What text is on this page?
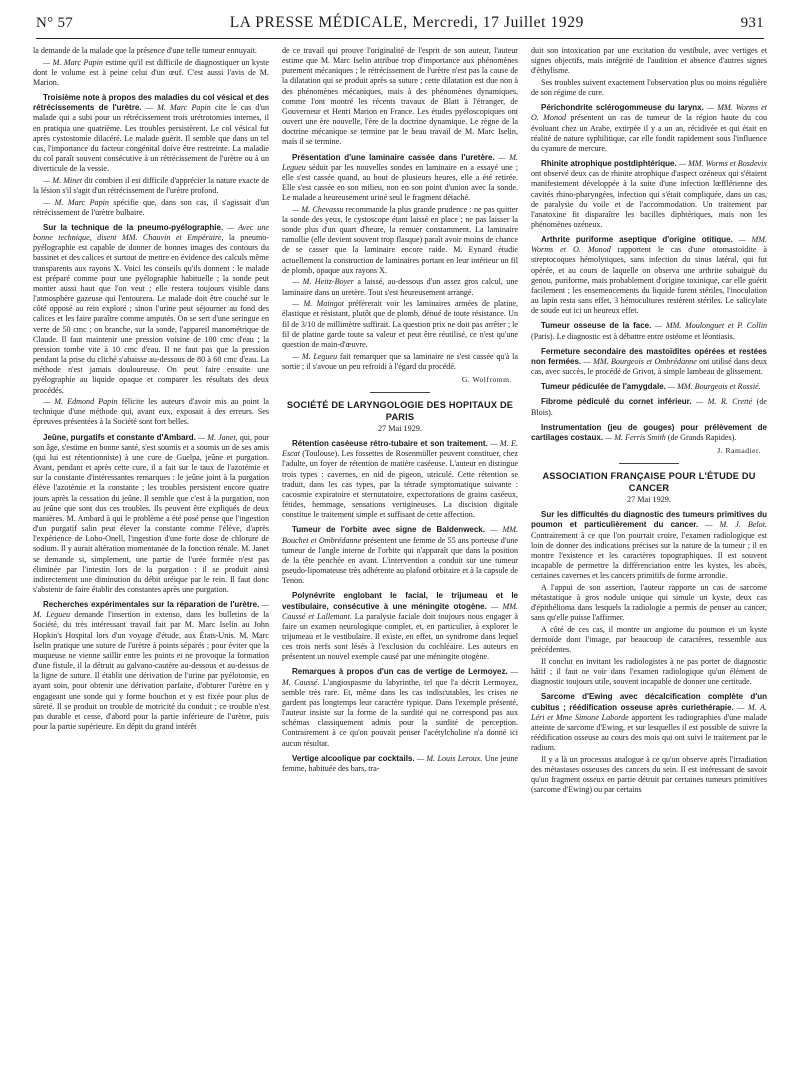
N° 57	LA PRESSE MÉDICALE, Mercredi, 17 Juillet 1929	931

la demande de la malade que la présence d'une telle tumeur ennuyait.

— M. Marc Papin estime qu'il est difficile de diagnostiquer un kyste dont le volume est à peine celui d'un œuf. C'est aussi l'avis de M. Marion.

Troisième note à propos des maladies du col vésical et des rétrécissements de l'urètre. — M. Marc Papin cite le cas d'un malade qui a subi pour un rétrécissement trois urétrotomies internes, il en pratiqua une quatrième. Les troubles persistèrent. Le col vésical fut après cystostomie dilacéré. Le malade guérit. Il semble que dans un tel cas, l'importance du facteur congénital doive être restreinte. La maladie du col paraît souvent consécutive à un rétrécissement de l'urètre ou à un diverticule de la vessie.

— M. Minet dit combien il est difficile d'apprécier la nature exacte de la lésion s'il s'agit d'un rétrécissement de l'urètre profond.

— M. Marc Papin spécifie que, dans son cas, il s'agissait d'un rétrécissement de l'urètre bulbaire.

Sur la technique de la pneumo-pyélographie. — Avec une bonne technique, disent MM. Chauvin et Empéraire, la pneumo-pyélographie est capable de donner de bonnes images des contours du bassinet et des calices et surtout de mettre en évidence des calculs même transparents aux rayons X. Voici les conseils qu'ils donnent : le malade est préparé comme pour une pyélographie habituelle ; la sonde peut monter aussi haut que l'on veut ; elle restera toujours visible dans l'atmosphère gazeuse qui l'entourera. Le malade doit être couché sur le côté opposé au rein exploré ; sinon l'urine peut séjourner au fond des calices et les faire paraître comme amputés. On se sert d'une seringue en verre de 50 cmc ; on branche, sur la sonde, l'appareil manométrique de Claude. Il faut maintenir une pression voisine de 100 cmc d'eau ; la pression tombe vite à 10 cmc d'eau. Il ne faut pas que la pression pendant la prise du cliché s'abaisse au-dessous de 80 à 60 cmc d'eau. La méthode n'est jamais douloureuse. On peut faire ensuite une pyélographie au liquide opaque et comparer les résultats des deux procédés.

— M. Edmond Papin félicite les auteurs d'avoir mis au point la technique d'une méthode qui, avant eux, exposait à des erreurs. Ses épreuves présentées à la Société sont fort belles.

Jeûne, purgatifs et constante d'Ambard. — M. Janet, qui, pour son âge, s'estime en bonne santé, s'est soumis et a soumis un de ses amis (qui lui est rétentionniste) à une cure de Guelpa, jeûne et purgation. Avant, pendant et après cette cure, il a fait sur le taux de l'azotémie et sur la constante d'intéressantes remarques : le jeûne joint à la purgation élève l'azotémie et la constante ; les troubles persistent encore quatre jours après la cessation du jeûne. Il semble que c'est à la purgation, non au jeûne que sont dus ces troubles. Ils peuvent être expliqués de deux manières. M. Ambard à qui le problème a été posé pense que l'ingestion d'un purgatif salin peut élever la constante comme l'élève, d'après l'expérience de Lobo-Onell, l'ingestion d'une forte dose de chlorure de sodium. Il y aurait altération momentanée de la fonction rénale. M. Janet se demande si, simplement, une partie de l'urée formée n'est pas éliminée par l'intestin lors de la purgation : il se produit ainsi indirectement une diminution du débit uréique par le rein. Il faut donc s'abstenir de faire établir des constantes après une purgation.

Recherches expérimentales sur la réparation de l'urètre. — M. Legueu demande l'insertion in extenso, dans les bulletins de la Société, du très intéressant travail fait par M. Marc Iselin au John Hopkin's Hospital lors d'un voyage d'étude, aux États-Unis. M. Marc Iselin pratique une suture de l'urètre à points séparés ; pour éviter que la muqueuse ne vienne saillir entre les points et ne provoque la formation d'une fistule, il la détruit au galvano-cautère au-dessous et au-dessus de la ligne de suture. Il établit une dérivation de l'urine par pyélotomie, en ayant soin, pour obtenir une dérivation parfaite, d'obturer l'urètre en y engageant une sonde qui y forme bouchon et y est fixée pour plus de sûreté. Il se produit un trouble de motricité du conduit ; ce trouble n'est pas durable et cesse, d'abord pour la partie inférieure de l'urètre, puis pour la partie supérieure. En dépit du grand intérêt

de ce travail qui prouve l'originalité de l'esprit de son auteur, l'auteur estime que M. Marc Iselin attribue trop d'importance aux phénomènes purement mécaniques ; le rétrécissement de l'urètre n'est pas la cause de la dilatation qui se produit après sa suture ; cette dilatation est due non à des phénomènes mécaniques, mais à des phénomènes dynamiques, comme l'ont montré les récents travaux de Blatt à l'étranger, de Gouverneur et Henri Marion en France. Les études pyéloscopiques ont ouvert une ère nouvelle, l'ère de la doctrine dynamique. Le règne de la doctrine mécanique se termine par le beau travail de M. Marc Iselin, mais il se termine.

Présentation d'une laminaire cassée dans l'uretère. — M. Legueu séduit par les nouvelles sondes en laminaire en a essayé une ; elle s'est cassée quand, au bout de plusieurs heures, elle a été retirée. Elle s'est cassée en son milieu, non en son point d'union avec la sonde. Le malade a heureusement uriné seul le fragment détaché.

— M. Chevassu recommande la plus grande prudence : ne pas quitter la sonde des yeux, le cystoscope étant laissé en place ; ne pas laisser la sonde plus d'un quart d'heure, la remuer constamment. La laminaire ramollie (elle devient souvent trop flasque) paraît avoir moins de chance de se casser que la laminaire encore raide. M. Eynard étudie actuellement la construction de laminaires portant en leur intérieur un fil de plomb, opaque aux rayons X.

— M. Heitz-Boyer a laissé, au-dessous d'un assez gros calcul, une laminaire dans un uretère. Tout s'est heureusement arrangé.

— M. Maingot préférerait voir les laminaires armées de platine, élastique et résistant, plutôt que de plomb, dénué de toute résistance. Un fil de 3/10 de millimètre suffirait. La question prix ne doit pas arrêter ; le fil de platine garde toute sa valeur et peut être réutilisé, ce n'est qu'une question de main-d'œuvre.

— M. Legueu fait remarquer que sa laminaire ne s'est cassée qu'à la sortie ; il s'avoue un peu refroidi à l'égard du procédé.

G. Wolfromm.
SOCIÉTÉ DE LARYNGOLOGIE DES HOPITAUX DE PARIS
27 Mai 1929.

Rétention caséeuse rétro-tubaire et son traitement. — M. E. Escat (Toulouse). Les fossettes de Rosenmüller peuvent constituer, chez l'adulte, un foyer de rétention de matière caséeuse. L'auteur en distingue trois types : cavernes, en nid de pigeon, utriculé. Cette rétention se traduit, dans les cas types, par la tétrade symptomatique suivante : cacosmie expiratoire et sternutatoire, expectorations de grains caséeux, fétides, hemmage, sensations vertigineuses. La discision digitale constitue le traitement simple et suffisant de cette affection.

Tumeur de l'orbite avec signe de Baldenweck. — MM. Bouchet et Ombrédanne présentent une femme de 55 ans porteuse d'une tumeur de l'angle interne de l'orbite qui n'apparaît que dans la position de la tête penchée en avant. L'intervention a conduit sur une tumeur pseudo-lipomateuse très adhérente au plafond orbitaire et à la capsule de Tenon.

Polynévrite englobant le facial, le trijumeau et le vestibulaire, consécutive à une méningite otogène. — MM. Caussé et Lallemant. La paralysie faciale doit toujours nous engager à faire un examen neurologique complet, et, en particulier, à explorer le trijumeau et le vestibulaire. Il existe, en effet, un syndrome dans lequel ces trois nerfs sont lésés à l'exclusion du cochléaire. Les auteurs en présentent un nouvel exemple causé par une méningite otogène.

Remarques à propos d'un cas de vertige de Lermoyez. — M. Caussé. L'angiospasme du labyrinthe, tel que l'a décrit Lermoyez, semble très rare. Et, même dans les cas indiscutables, les crises ne gardent pas longtemps leur caractère typique. Dans l'exemple présenté, l'auteur insiste sur la forme de la surdité qui ne correspond pas aux schémas classiquement admis pour la surdité de perception. Contrairement à ce qu'on pouvait penser l'acétylcholine n'a donné ici aucun résultat.

Vertige alcoolique par cocktails. — M. Louis Leroux. Une jeune femme, habituée des bars, tra-

duit son intoxication par une excitation du vestibule, avec vertiges et signes objectifs, mais intégrité de l'audition et absence d'autres signes d'éthylisme.

Ses troubles suivent exactement l'observation plus ou moins régulière de son régime de cure.

Périchondrite sclérogommeuse du larynx. — MM. Worms et O. Monod présentent un cas de tumeur de la région haute du cou évoluant chez un Arabe, extirpée il y a un an, récidivée et qui était en réalité de nature syphilitique, car elle fondit rapidement sous l'influence du cyanure de mercure.

Rhinite atrophique postdiphtérique. — MM. Worms et Bosdevix ont observé deux cas de rhinite atrophique d'aspect ozéneux qui s'étaient manifestement développée à la suite d'une infection lœfflérienne des cavités rhino-pharyngées, infection qui s'était compliquée, dans un cas, de paralysie du voile et de l'accommodation. Un traitement par l'anatoxine fit disparaître les bacilles diphtériques, mais non les phénomènes ozéneux.

Arthrite puriforme aseptique d'origine otitique. — MM. Worms et O. Monod rapportent le cas d'une otomastoïdite à streptocoques hémolytiques, sans infection du sinus latéral, qui fut opérée, et au cours de laquelle on observa une arthrite subaiguë du genou, puriforme, mais probablement d'origine toxinique, car elle guérit facilement ; les ensemencements du liquide furent stériles, l'inoculation au lapin resta sans effet, 3 hémocultures restèrent stériles. Le salicylate de soude eut ici un heureux effet.

Tumeur osseuse de la face. — MM. Moulonguet et P. Collin (Paris). Le diagnostic est à débattre entre ostéome et léontiasis.

Fermeture secondaire des mastoïdites opérées et restées non fermées. — MM. Bourgeois et Ombrédanne ont utilisé dans deux cas, avec succès, le procédé de Grivot, à simple lambeau de glissement.

Tumeur pédiculée de l'amygdale. — MM. Bourgeois et Rossié.

Fibrome pédiculé du cornet inférieur. — M. R. Cretté (de Blois).

Instrumentation (jeu de gouges) pour prélèvement de cartilages costaux. — M. Ferris Smith (de Grands Rapides).

J. Ramadier.
ASSOCIATION FRANÇAISE POUR L'ÉTUDE DU CANCER
27 Mai 1929.

Sur les difficultés du diagnostic des tumeurs primitives du poumon et particulièrement du cancer. — M. J. Belot. Contrairement à ce que l'on pourrait croire, l'examen radiologique est loin de donner des indications précises sur la nature de la tumeur ; il en montre l'existence et les caractères topographiques. Il est souvent incapable de permettre la différenciation entre les kystes, les abcès, certaines cavernes et les cancers primitifs de forme arrondie.

A l'appui de son assertion, l'auteur rapporte un cas de sarcome métastatique à gros nodule unique qui simule un kyste, deux cas d'épithélioma dans lesquels la radiologie a permis de penser au cancer, sans qu'elle puisse l'affirmer.

A côté de ces cas, il montre un angiome du poumon et un kyste dermoïde dont l'image, par beaucoup de caractères, ressemble aux précédentes.

Il conclut en invitant les radiologistes à ne pas porter de diagnostic hâtif ; il faut ne voir dans l'examen radiologique qu'un élément de diagnostic toujours utile, souvent incapable de donner une certitude.

Sarcome d'Ewing avec décalcification complète d'un cubitus ; réédification osseuse après curiethérapie. — M. A. Léri et Mme Simone Laborde apportent les radiographies d'une malade atteinte de sarcome d'Ewing, et sur lesquelles il est possible de suivre la réédification osseuse au cours des mois qui ont suivi le traitement par le radium.

Il y a là un processus analogue à ce qu'on observe après l'irradiation des métastases osseuses des cancers du sein. Il est intéressant de savoir qu'un fragment osseux en partie détruit par certaines tumeurs primitives (sarcome d'Ewing) ou par certains
